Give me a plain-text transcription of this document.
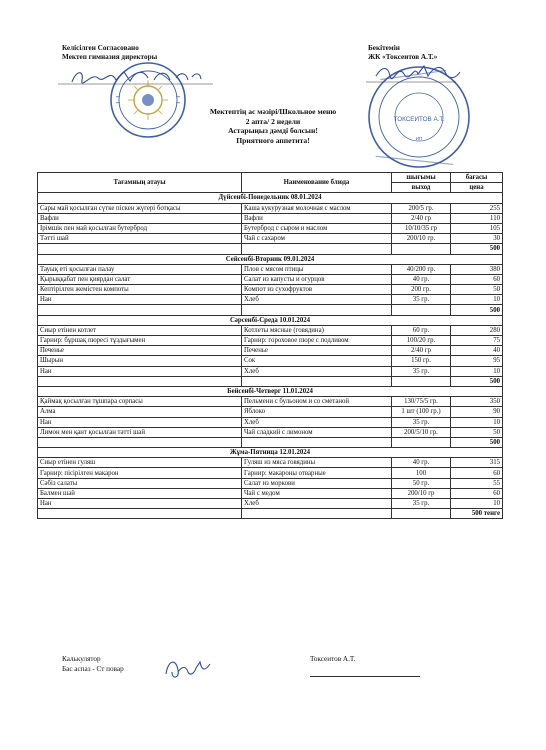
Келісілген Согласовано
Мектеп гимназия директоры
Бекітемін
ЖК «Токсеитов А.Т.»
ТОКСЕИТОВ А.Т.
ИП
Мектептің ас мәзірі/Школьное меню
2 апта/ 2 недели
Астарыңыз дәмді болсын!
Приятного аппетита!
Тағамның атауы	Наименование блюда	шығымы	бағасы
		выход	цена
Дүйсенбі-Понедельник 08.01.2024			
Сары май қосылған сүтке піскен жүгері ботқасы	Каша кукурузная молочная с маслом	200/5 гр.	255
Вафли	Вафли	2/40 гр	110
Ірімшік пен май қосылған бутерброд	Бутерброд с сыром и маслом	10/10/35 гр	105
Тәтті шай	Чай с сахаром	200/10 гр.	30
			500
Сейсенбі-Вторник 09.01.2024			
Тауық еті қосылған палау	Плов с мясом птицы	40/200 гр.	380
Қырыққабат пен қиярдан салат	Салат из капусты и огурцов	40 гр.	60
Кептірілген жемістен компоты	Компот из сухофруктов	200 гр.	50
Нан	Хлеб	35 гр.	10
			500
Сәрсенбі-Среда 10.01.2024			
Сиыр етінен котлет	Котлеты мясные (говядина)	60 гр.	280
Гарнир: бұршақ пюресі тұздығымен	Гарнир: гороховое пюре с подливом	100/20 гр.	75
Печенье	Печенье	2/40 гр	40
Шырын	Сок	150 гр.	95
Нан	Хлеб	35 гр.	10
			500
Бейсенбі-Четверг 11.01.2024			
Қаймақ қосылған тұшпара сорпасы	Пельмени с бульоном и со сметаной	130/75/5 гр.	350
Алма	Яблоко	1 шт (100 гр.)	90
Нан	Хлеб	35 гр.	10
Лимон мен қант қосылған тәтті шай	Чай сладкий с лимоном	200/5/10 гр.	50
			500
Жұма-Пятница 12.01.2024			
Сиыр етінен гуляш	Гуляш из мяса говядины	40 гр.	315
Гарнир: пісірілген макарон	Гарнир: макароны отварные	100	60
Сәбіз салаты	Салат из моркови	50 гр.	55
Балмен шай	Чай с медом	200/10 гр	60
Нан	Хлеб	35 гр.	10
			500 тенге
Калькулятор
Бас аспаз - Ст повар
Токсеитов А.Т.
